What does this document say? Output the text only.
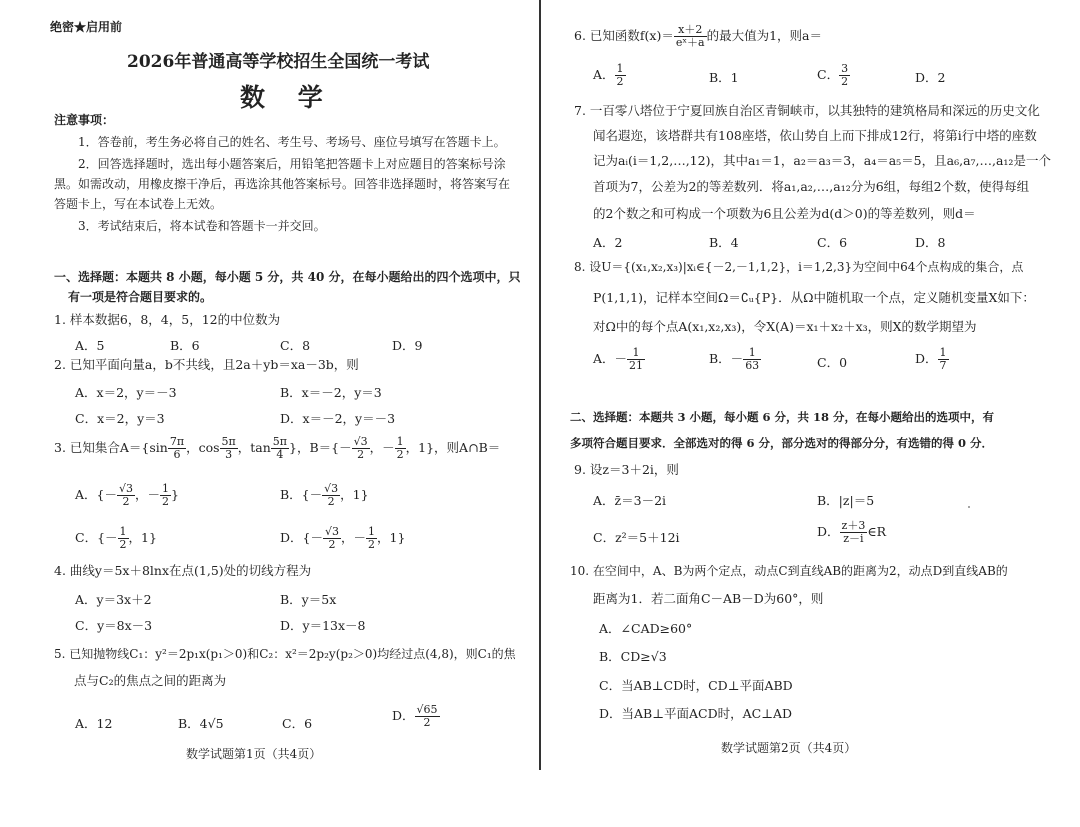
绝密★启用前
2026年普通高等学校招生全国统一考试
数 学
注意事项：
1．答卷前，考生务必将自己的姓名、考生号、考场号、座位号填写在答题卡上。
2．回答选择题时，选出每小题答案后，用铅笔把答题卡上对应题目的答案标号涂
黑。如需改动，用橡皮擦干净后，再选涂其他答案标号。回答非选择题时，将答案写在
答题卡上，写在本试卷上无效。
3．考试结束后，将本试卷和答题卡一并交回。
一、选择题：本题共 8 小题，每小题 5 分，共 40 分，在每小题给出的四个选项中，只
有一项是符合题目要求的。
1. 样本数据6，8，4，5，12的中位数为
A．5	B．6	C．8	D．9
2. 已知平面向量a，b不共线，且2a＋yb＝xa－3b，则
A．x＝2，y＝－3	B．x＝－2，y＝3
C．x＝2，y＝3	D．x＝－2，y＝－3
3. 已知集合$A=\{\sin \frac{7\pi}{6}$ ，$\cos \frac{5\pi}{3}$ ，$\tan \frac{5\pi}{4}$ }，$B=\{- \frac{√3}{2}$ ，－ $\frac{1}{2}$ ，1}，则A∩B＝
A．{－ $\frac{√3}{2}$ ，－ $\frac{1}{2}$ }	B．{－ $\frac{√3}{2}$ ，1}
C．{－ $\frac{1}{2}$ ，1}	D．{－ $\frac{√3}{2}$ ，－ $\frac{1}{2}$ ，1}
4. 曲线y＝5x＋8lnx在点(1,5)处的切线方程为
A．y＝3x＋2	B．y＝5x
C．y＝8x－3	D．y＝13x－8
5. 已知抛物线C₁：y²＝2p₁x(p₁＞0)和C₂：x²＝2p₂y(p₂＞0)均经过点(4,8)，则C₁的焦
点与C₂的焦点之间的距离为
A．12	B．4√5	C．6
D． $\frac{√65}{2}$
数学试题第1页（共4页）
6. 已知函数$f(x)= \frac{x+2}{\text{eˣ＋a}}$ 的最大值为1，则a＝
A． $\frac{1}{2}$	B．1	C． $\frac{3}{2}$	D．2
7. 一百零八塔位于宁夏回族自治区青铜峡市，以其独特的建筑格局和深远的历史文化
闻名遐迩，该塔群共有108座塔，依山势自上而下排成12行，将第i行中塔的座数
记为aᵢ(i＝1,2,…,12)，其中a₁＝1，a₂＝a₃＝3，a₄＝a₅＝5，且a₆,a₇,…,a₁₂是一个
首项为7，公差为2的等差数列．将a₁,a₂,…,a₁₂分为6组，每组2个数，使得每组
的2个数之和可构成一个项数为6且公差为d(d＞0)的等差数列，则d＝
A．2	B．4	C．6	D．8
8. 设U＝{(x₁,x₂,x₃)|xᵢ∈{－2,－1,1,2}，i＝1,2,3}为空间中64个点构成的集合，点
P(1,1,1)，记样本空间Ω＝∁ᵤ{P}．从Ω中随机取一个点，定义随机变量X如下：
对Ω中的每个点A(x₁,x₂,x₃)，令X(A)＝x₁＋x₂＋x₃，则X的数学期望为
A．－ $\frac{1}{21}$	B．－ $\frac{1}{63}$	C．0	D． $\frac{1}{7}$
二、选择题：本题共 3 小题，每小题 6 分，共 18 分，在每小题给出的选项中，有
多项符合题目要求．全部选对的得 6 分，部分选对的得部分分，有选错的得 0 分．
9. 设z＝3＋2i，则
A．z̄＝3－2i	B．|z|＝5
C．z²＝5＋12i	D． $\frac{z+3}{z-i}$ ∈R
10. 在空间中，A、B为两个定点，动点C到直线AB的距离为2，动点D到直线AB的
距离为1．若二面角C－AB－D为60°，则
A．∠CAD≥60°
B．CD≥√3
C．当AB⊥CD时，CD⊥平面ABD
D．当AB⊥平面ACD时，AC⊥AD
数学试题第2页（共4页）
